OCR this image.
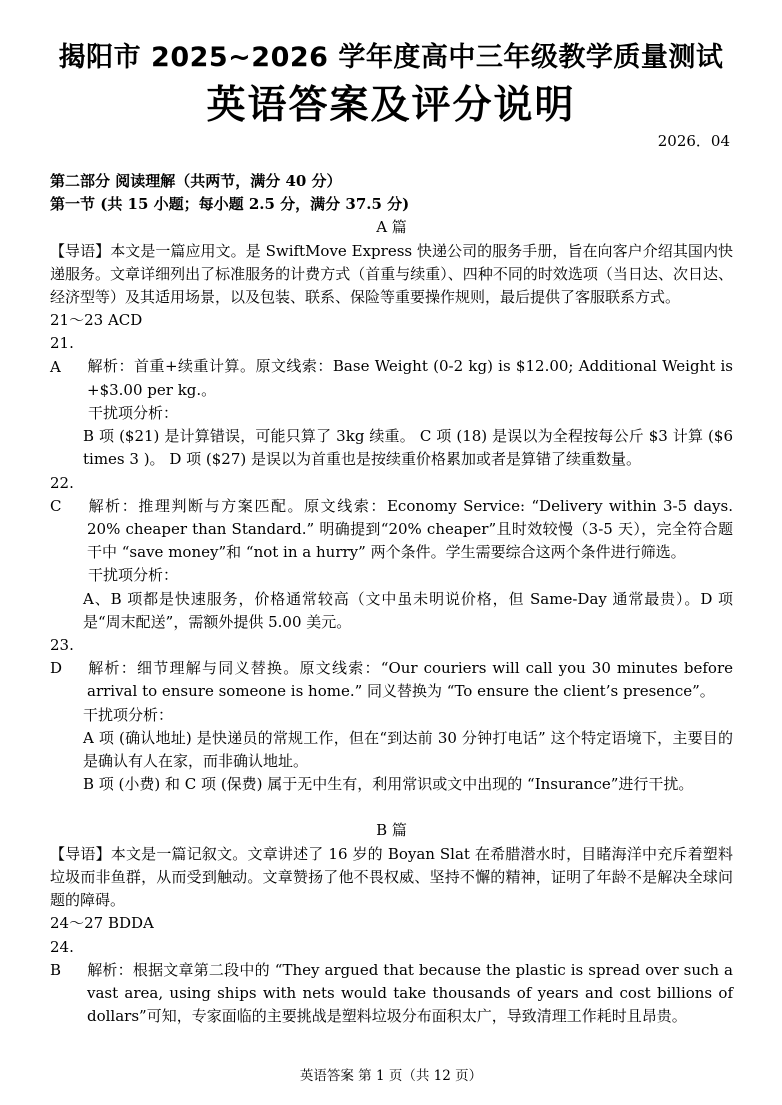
揭阳市 2025~2026 学年度高中三年级教学质量测试
英语答案及评分说明
2026．04

第二部分 阅读理解（共两节，满分 40 分）

第一节 (共 15 小题；每小题 2.5 分，满分 37.5 分)

A 篇

【导语】本文是一篇应用文。是 SwiftMove Express 快递公司的服务手册，旨在向客户介绍其国内快递服务。文章详细列出了标准服务的计费方式（首重与续重）、四种不同的时效选项（当日达、次日达、经济型等）及其适用场景，以及包装、联系、保险等重要操作规则，最后提供了客服联系方式。

21～23 ACD

21. A 解析：首重+续重计算。原文线索：Base Weight (0-2 kg) is $12.00; Additional Weight is +$3.00 per kg.。

干扰项分析：

B 项 ($21) 是计算错误，可能只算了 3kg 续重。 C 项 (18) 是误以为全程按每公斤 $3 计算 ($6 times 3 )。 D 项 ($27) 是误以为首重也是按续重价格累加或者是算错了续重数量。

22. C 解析：推理判断与方案匹配。原文线索：Economy Service: “Delivery within 3-5 days. 20% cheaper than Standard.” 明确提到“20% cheaper”且时效较慢（3-5 天），完全符合题干中 “save money”和 “not in a hurry” 两个条件。学生需要综合这两个条件进行筛选。

干扰项分析：

A、B 项都是快速服务，价格通常较高（文中虽未明说价格，但 Same-Day 通常最贵）。D 项是“周末配送”，需额外提供 5.00 美元。

23. D 解析：细节理解与同义替换。原文线索：“Our couriers will call you 30 minutes before arrival to ensure someone is home.” 同义替换为 “To ensure the client’s presence”。

干扰项分析：

A 项 (确认地址) 是快递员的常规工作，但在“到达前 30 分钟打电话” 这个特定语境下，主要目的是确认有人在家，而非确认地址。

B 项 (小费) 和 C 项 (保费) 属于无中生有，利用常识或文中出现的 “Insurance”进行干扰。

B 篇

【导语】本文是一篇记叙文。文章讲述了 16 岁的 Boyan Slat 在希腊潜水时，目睹海洋中充斥着塑料垃圾而非鱼群，从而受到触动。文章赞扬了他不畏权威、坚持不懈的精神，证明了年龄不是解决全球问题的障碍。

24～27 BDDA

24. B 解析：根据文章第二段中的 “They argued that because the plastic is spread over such a vast area, using ships with nets would take thousands of years and cost billions of dollars”可知，专家面临的主要挑战是塑料垃圾分布面积太广，导致清理工作耗时且昂贵。

英语答案 第 1 页（共 12 页）
